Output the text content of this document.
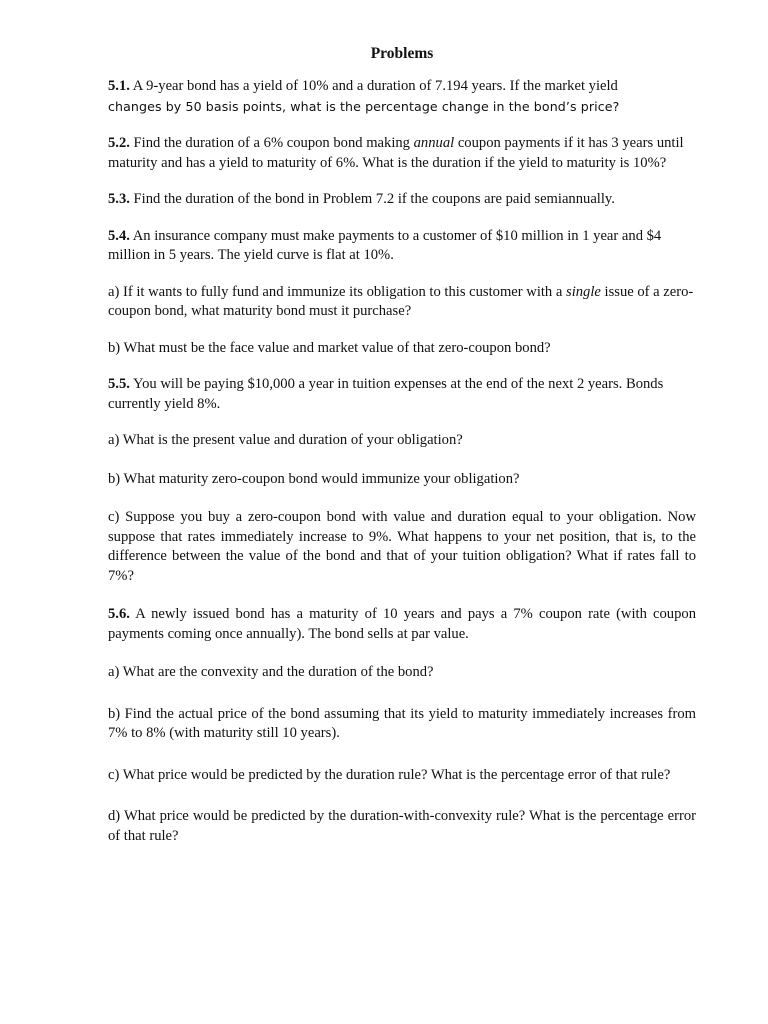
Problems

5.1. A 9-year bond has a yield of 10% and a duration of 7.194 years. If the market yield
changes by 50 basis points, what is the percentage change in the bond’s price?

5.2. Find the duration of a 6% coupon bond making annual coupon payments if it has 3 years until maturity and has a yield to maturity of 6%. What is the duration if the yield to maturity is 10%?

5.3. Find the duration of the bond in Problem 7.2 if the coupons are paid semiannually.

5.4. An insurance company must make payments to a customer of $10 million in 1 year and $4 million in 5 years. The yield curve is flat at 10%.

a) If it wants to fully fund and immunize its obligation to this customer with a single issue of a zero-coupon bond, what maturity bond must it purchase?

b) What must be the face value and market value of that zero-coupon bond?

5.5. You will be paying $10,000 a year in tuition expenses at the end of the next 2 years. Bonds currently yield 8%.

a) What is the present value and duration of your obligation?

b) What maturity zero-coupon bond would immunize your obligation?

c) Suppose you buy a zero-coupon bond with value and duration equal to your obligation. Now suppose that rates immediately increase to 9%. What happens to your net position, that is, to the difference between the value of the bond and that of your tuition obligation? What if rates fall to 7%?

5.6. A newly issued bond has a maturity of 10 years and pays a 7% coupon rate (with coupon payments coming once annually). The bond sells at par value.

a) What are the convexity and the duration of the bond?

b) Find the actual price of the bond assuming that its yield to maturity immediately increases from 7% to 8% (with maturity still 10 years).

c) What price would be predicted by the duration rule? What is the percentage error of that rule?

d) What price would be predicted by the duration-with-convexity rule? What is the percentage error of that rule?
